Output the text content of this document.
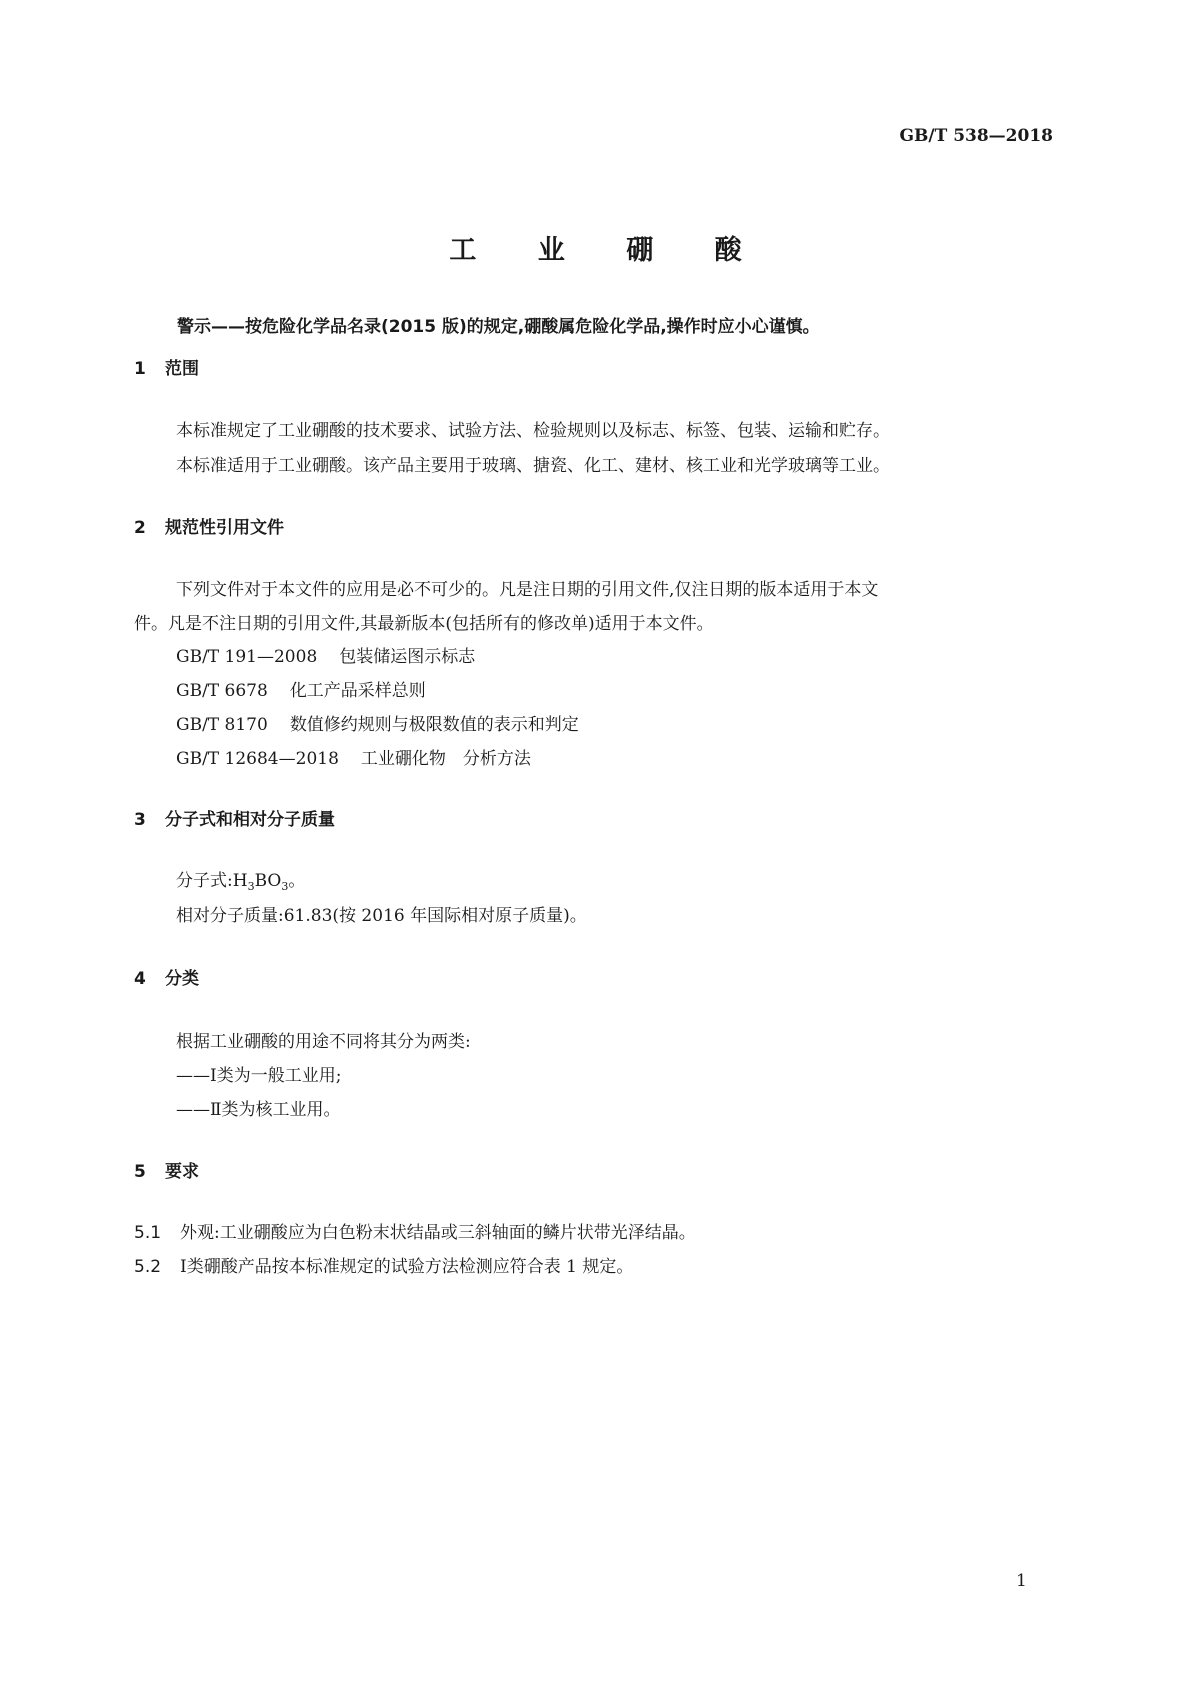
GB/T 538—2018
工 业 硼 酸
警示——按危险化学品名录(2015 版)的规定,硼酸属危险化学品,操作时应小心谨慎。
1 范围
本标准规定了工业硼酸的技术要求、试验方法、检验规则以及标志、标签、包装、运输和贮存。
本标准适用于工业硼酸。该产品主要用于玻璃、搪瓷、化工、建材、核工业和光学玻璃等工业。
2 规范性引用文件
下列文件对于本文件的应用是必不可少的。凡是注日期的引用文件,仅注日期的版本适用于本文
件。凡是不注日期的引用文件,其最新版本(包括所有的修改单)适用于本文件。
GB/T 191—2008 包装储运图示标志
GB/T 6678 化工产品采样总则
GB/T 8170 数值修约规则与极限数值的表示和判定
GB/T 12684—2018 工业硼化物　分析方法
3 分子式和相对分子质量
分子式$:H_3BO_3$。
相对分子质量:61.83(按 2016 年国际相对原子质量)。
4 分类
根据工业硼酸的用途不同将其分为两类:
——Ⅰ类为一般工业用;
——Ⅱ类为核工业用。
5 要求
5.1 外观:工业硼酸应为白色粉末状结晶或三斜轴面的鳞片状带光泽结晶。
5.2 Ⅰ类硼酸产品按本标准规定的试验方法检测应符合表 1 规定。
1
